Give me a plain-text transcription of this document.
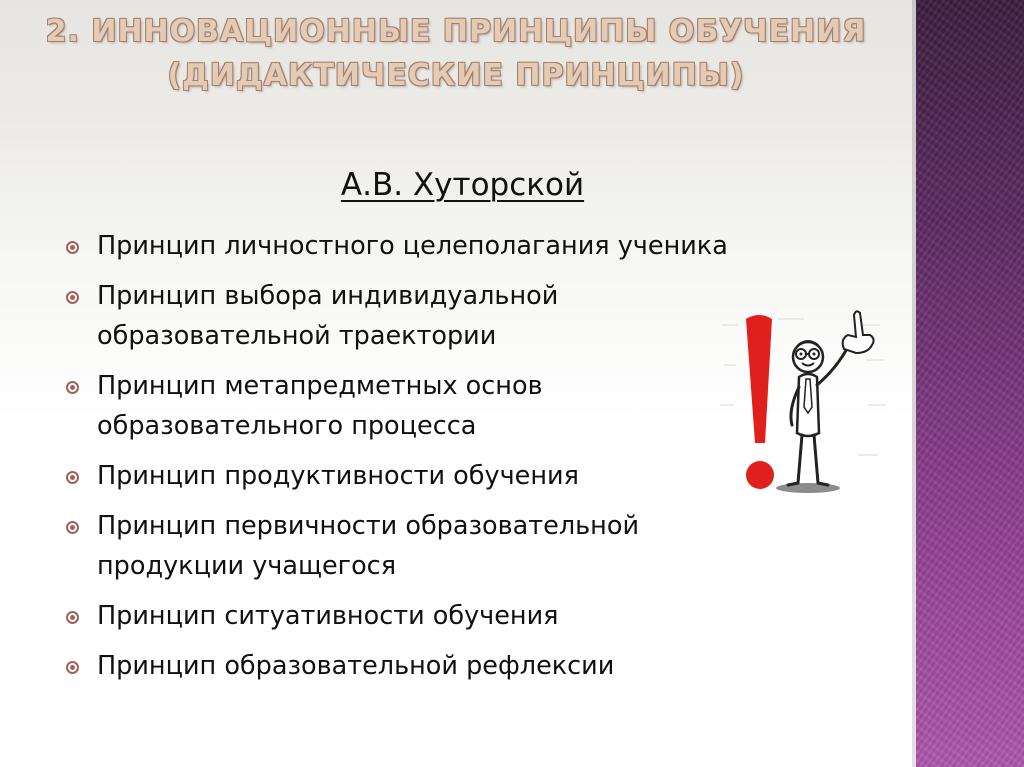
2. ИННОВАЦИОННЫЕ ПРИНЦИПЫ ОБУЧЕНИЯ
(ДИДАКТИЧЕСКИЕ ПРИНЦИПЫ)
А.В. Хуторской
Принцип личностного целеполагания ученика
Принцип выбора индивидуальной
образовательной траектории
Принцип метапредметных основ
образовательного процесса
Принцип продуктивности обучения
Принцип первичности образовательной
продукции учащегося
Принцип ситуативности обучения
Принцип образовательной рефлексии
